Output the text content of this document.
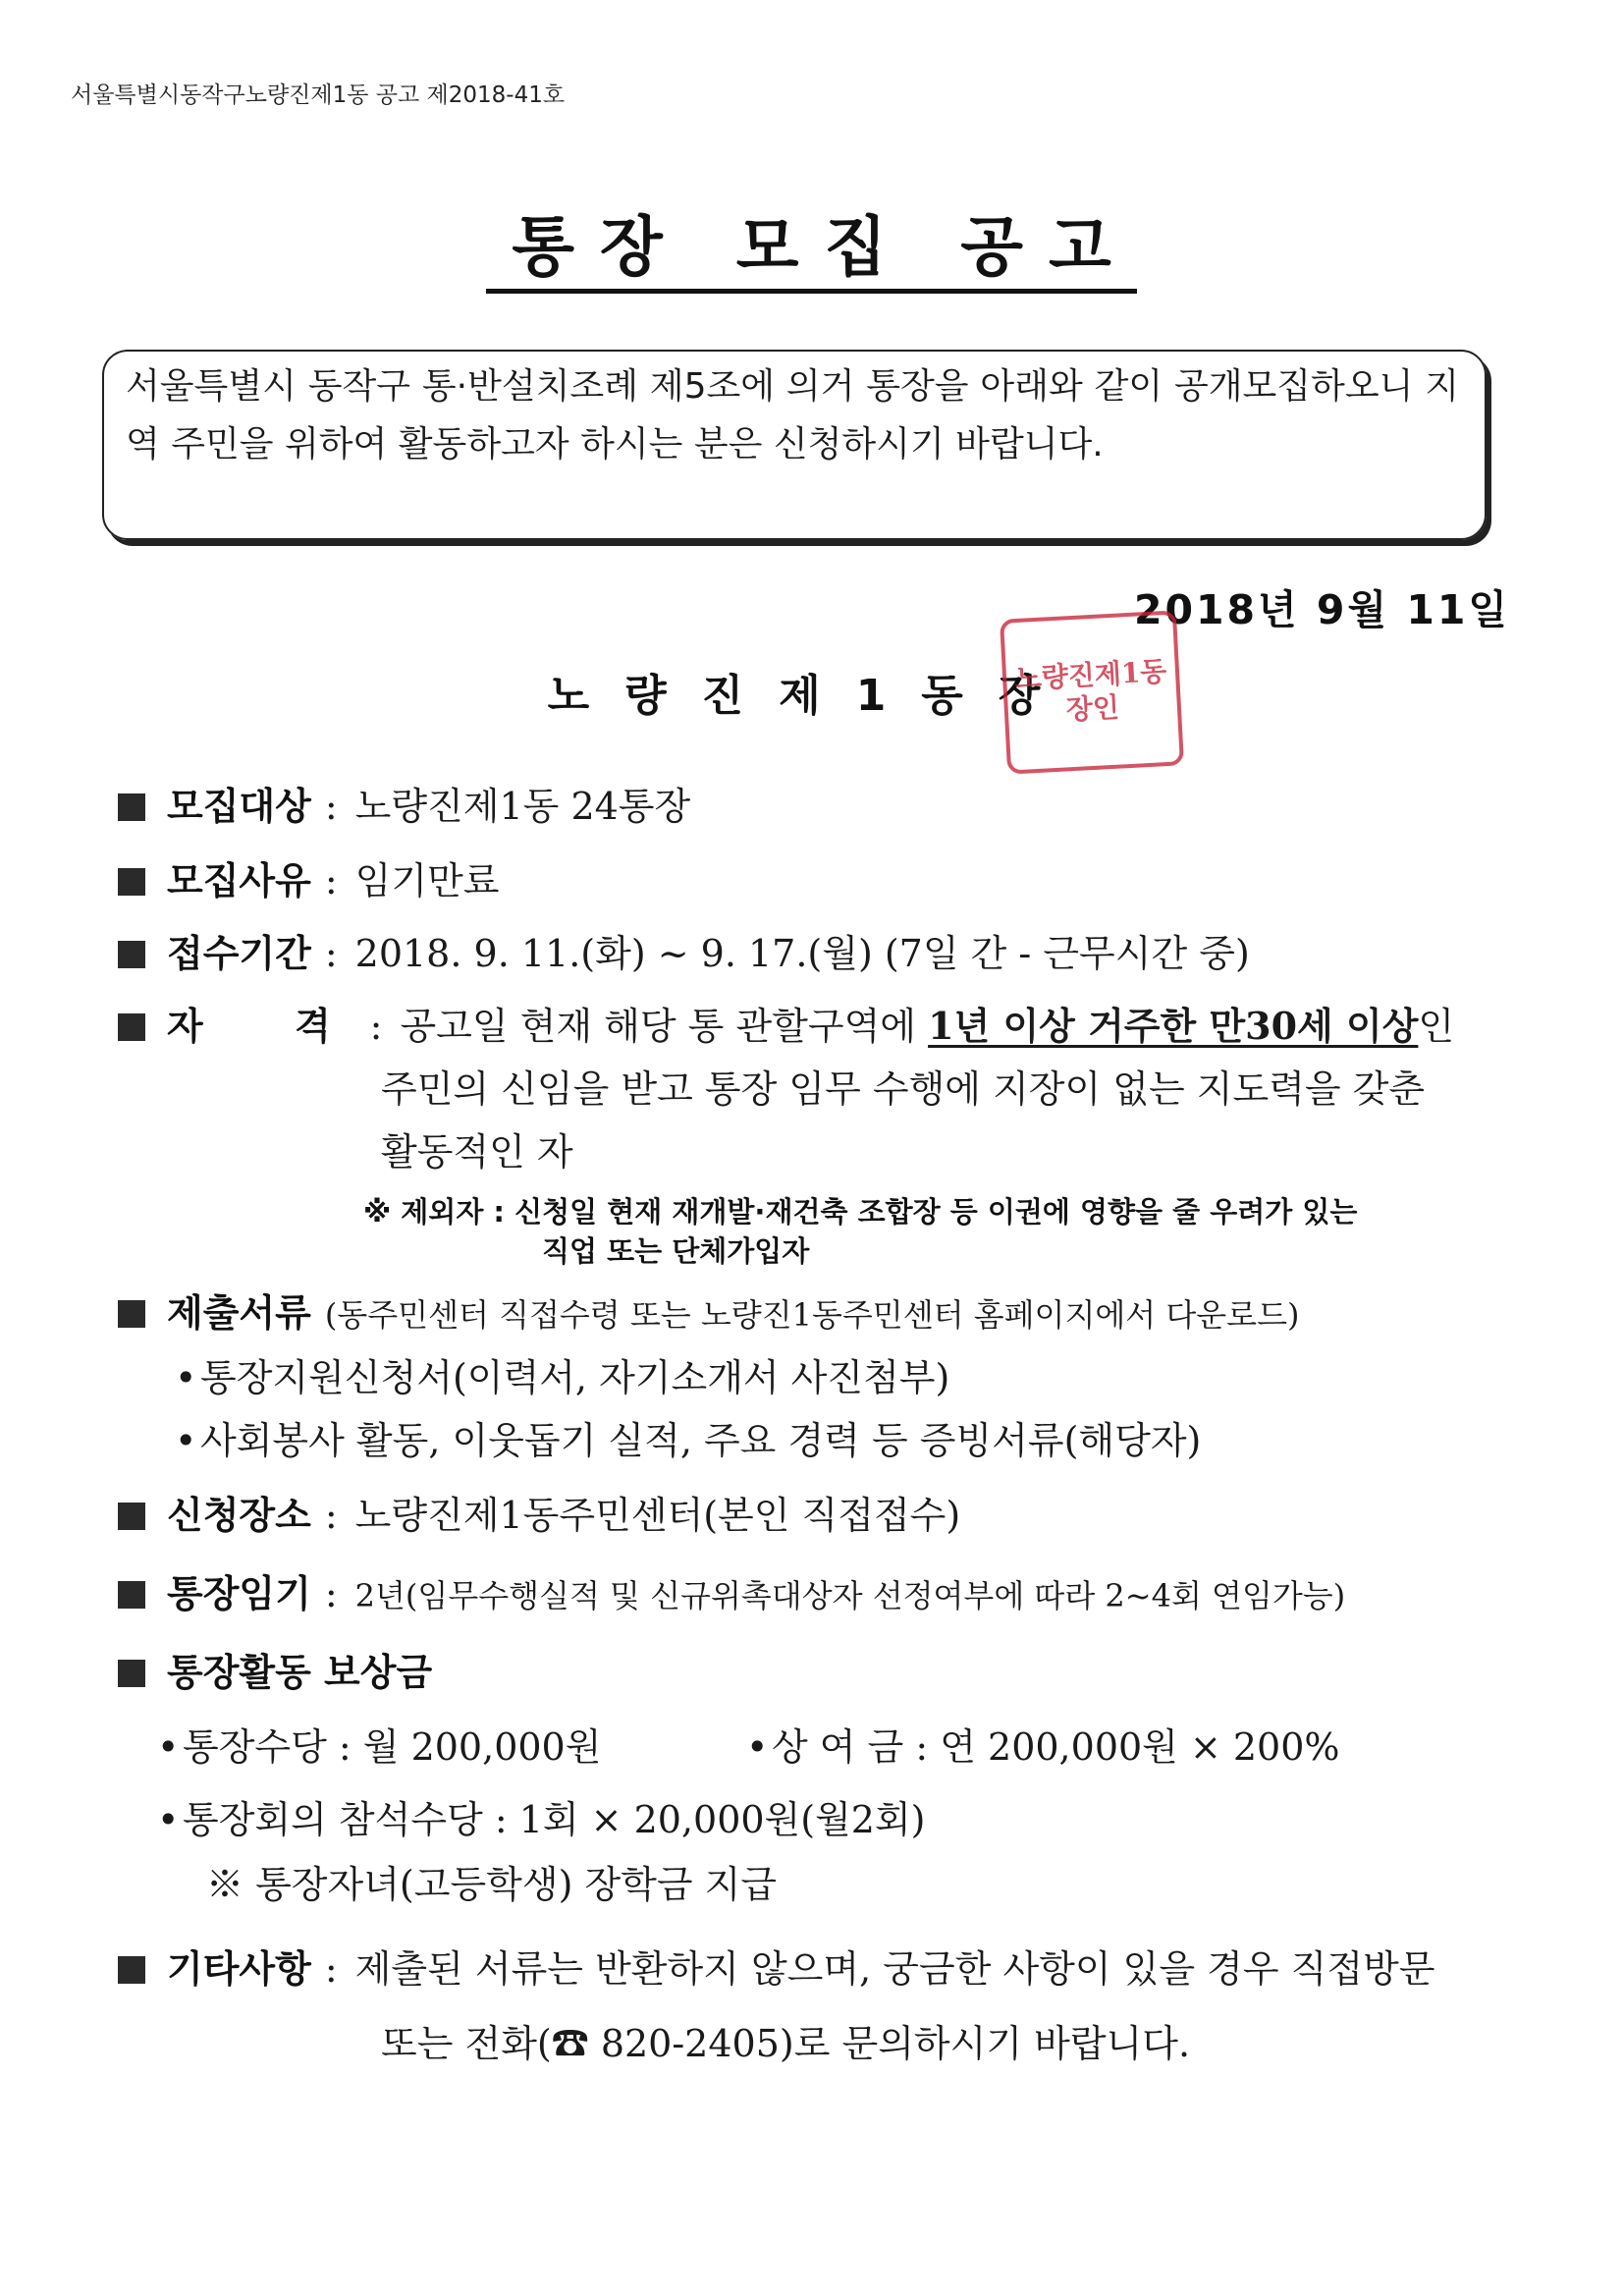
서울특별시동작구노량진제1동 공고 제2018-41호
통장 모집 공고
서울특별시 동작구 통·반설치조례 제5조에 의거 통장을 아래와 같이 공개모집하오니 지역 주민을 위하여 활동하고자 하시는 분은 신청하시기 바랍니다.
2018년 9월 11일
노량진제1동장
노량진제1동장인
모집대상 : 노량진제1동 24통장
모집사유 : 임기만료
접수기간 : 2018. 9. 11.(화) ~ 9. 17.(월) (7일 간 - 근무시간 중)
자 격: 공고일 현재 해당 통 관할구역에 1년 이상 거주한 만30세 이상인
주민의 신임을 받고 통장 임무 수행에 지장이 없는 지도력을 갖춘
활동적인 자
※ 제외자 : 신청일 현재 재개발·재건축 조합장 등 이권에 영향을 줄 우려가 있는
직업 또는 단체가입자
제출서류 (동주민센터 직접수령 또는 노량진1동주민센터 홈페이지에서 다운로드)
•통장지원신청서(이력서, 자기소개서 사진첨부)
•사회봉사 활동, 이웃돕기 실적, 주요 경력 등 증빙서류(해당자)
신청장소 : 노량진제1동주민센터(본인 직접접수)
통장임기 : 2년(임무수행실적 및 신규위촉대상자 선정여부에 따라 2~4회 연임가능)
통장활동 보상금
•통장수당 : 월 200,000원	•상 여 금 : 연 200,000원 × 200%
•통장회의 참석수당 : 1회 × 20,000원(월2회)
※ 통장자녀(고등학생) 장학금 지급
기타사항 : 제출된 서류는 반환하지 않으며, 궁금한 사항이 있을 경우 직접방문
또는 전화(☎ 820-2405)로 문의하시기 바랍니다.
